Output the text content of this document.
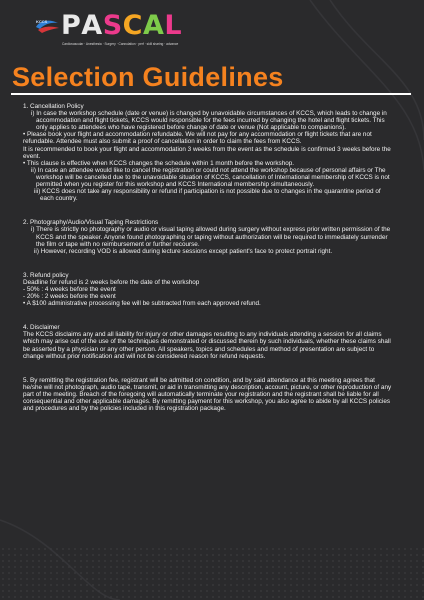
KCCS PASCAL
Cardiovascular · Anesthesia · Surgery · Cannulation · perf · skill sharing · advance
Selection Guidelines

1. Cancellation Policy

i) In case the workshop schedule (date or venue) is changed by unavoidable circumstances of KCCS, which leads to change in accommodation and flight tickets, KCCS would responsible for the fees incurred by changing the hotel and flight tickets. This only applies to attendees who have registered before change of date or venue (Not applicable to companions).

• Please book your flight and accommodation refundable. We will not pay for any accommodation or flight tickets that are not refundable. Attendee must also submit a proof of cancellation in order to claim the fees from KCCS.

It is recommended to book your flight and accommodation 3 weeks from the event as the schedule is confirmed 3 weeks before the event.

• This clause is effective when KCCS changes the schedule within 1 month before the workshop.

ii) In case an attendee would like to cancel the registration or could not attend the workshop because of personal affairs or The workshop will be cancelled due to the unavoidable situation of KCCS, cancellation of International membership of KCCS is not permitted when you register for this workshop and KCCS International membership simultaneously.

iii) KCCS does not take any responsibility or refund if participation is not possible due to changes in the quarantine period of each country.

2. Photography/Audio/Visual Taping Restrictions

i) There is strictly no photography or audio or visual taping allowed during surgery without express prior written permission of the KCCS and the speaker. Anyone found photographing or taping without authorization will be required to immediately surrender the film or tape with no reimbursement or further recourse.

ii) However, recording VOD is allowed during lecture sessions except patient's face to protect portrait right.

3. Refund policy

Deadline for refund is 2 weeks before the date of the workshop

- 50% : 4 weeks before the event

- 20% : 2 weeks before the event

• A $100 administrative processing fee will be subtracted from each approved refund.

4. Disclaimer

The KCCS disclaims any and all liability for injury or other damages resulting to any individuals attending a session for all claims which may arise out of the use of the techniques demonstrated or discussed therein by such individuals, whether these claims shall be asserted by a physician or any other person. All speakers, topics and schedules and method of presentation are subject to change without prior notification and will not be considered reason for refund requests.

5. By remitting the registration fee, registrant will be admitted on condition, and by said attendance at this meeting agrees that he/she will not photograph, audio tape, transmit, or aid in transmitting any description, account, picture, or other reproduction of any part of the meeting. Breach of the foregoing will automatically terminate your registration and the registrant shall be liable for all consequential and other applicable damages. By remitting payment for this workshop, you also agree to abide by all KCCS policies and procedures and by the policies included in this registration package.
